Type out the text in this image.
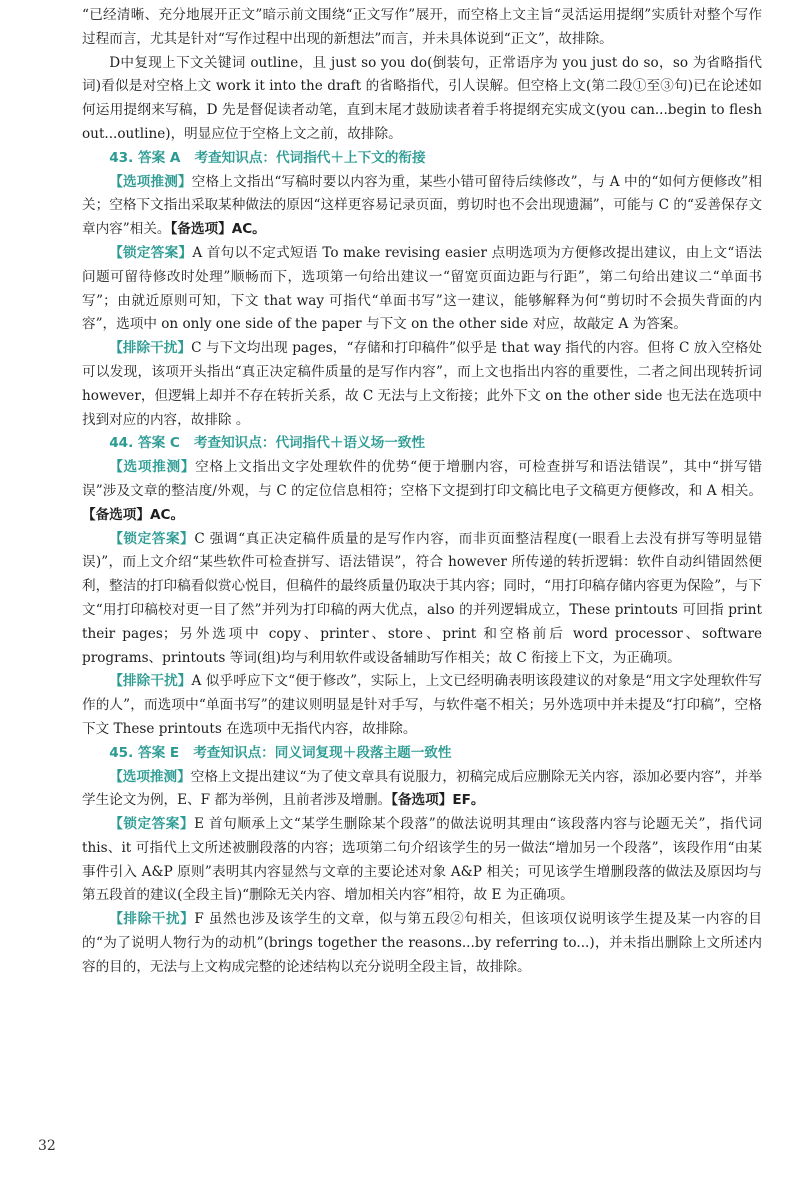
“已经清晰、充分地展开正文”暗示前文围绕“正文写作”展开，而空格上文主旨“灵活运用提纲”实质针对整个写作过程而言，尤其是针对“写作过程中出现的新想法”而言，并未具体说到“正文”，故排除。

D中复现上下文关键词 outline，且 just so you do(倒装句，正常语序为 you just do so，so 为省略指代词)看似是对空格上文 work it into the draft 的省略指代，引人误解。但空格上文(第二段①至③句)已在论述如何运用提纲来写稿，D 先是督促读者动笔，直到末尾才鼓励读者着手将提纲充实成文(you can...begin to flesh out...outline)，明显应位于空格上文之前，故排除。

43. 答案 A 考查知识点：代词指代＋上下文的衔接

【选项推测】空格上文指出“写稿时要以内容为重，某些小错可留待后续修改”，与 A 中的“如何方便修改”相关；空格下文指出采取某种做法的原因“这样更容易记录页面，剪切时也不会出现遗漏”，可能与 C 的“妥善保存文章内容”相关。【备选项】AC。

【锁定答案】A 首句以不定式短语 To make revising easier 点明选项为方便修改提出建议，由上文“语法问题可留待修改时处理”顺畅而下，选项第一句给出建议一“留宽页面边距与行距”，第二句给出建议二“单面书写”；由就近原则可知，下文 that way 可指代“单面书写”这一建议，能够解释为何“剪切时不会损失背面的内容”，选项中 on only one side of the paper 与下文 on the other side 对应，故敲定 A 为答案。

【排除干扰】C 与下文均出现 pages，“存储和打印稿件”似乎是 that way 指代的内容。但将 C 放入空格处可以发现，该项开头指出“真正决定稿件质量的是写作内容”，而上文也指出内容的重要性，二者之间出现转折词 however，但逻辑上却并不存在转折关系，故 C 无法与上文衔接；此外下文 on the other side 也无法在选项中找到对应的内容，故排除 。

44. 答案 C 考查知识点：代词指代＋语义场一致性

【选项推测】空格上文指出文字处理软件的优势“便于增删内容，可检查拼写和语法错误”，其中“拼写错误”涉及文章的整洁度/外观，与 C 的定位信息相符；空格下文提到打印文稿比电子文稿更方便修改，和 A 相关。【备选项】AC。

【锁定答案】C 强调“真正决定稿件质量的是写作内容，而非页面整洁程度(一眼看上去没有拼写等明显错误)”，而上文介绍“某些软件可检查拼写、语法错误”，符合 however 所传递的转折逻辑：软件自动纠错固然便利，整洁的打印稿看似赏心悦目，但稿件的最终质量仍取决于其内容；同时，“用打印稿存储内容更为保险”，与下文“用打印稿校对更一目了然”并列为打印稿的两大优点，also 的并列逻辑成立，These printouts 可回指 print their pages；另外选项中 copy、printer、store、print 和空格前后 word processor、software programs、printouts 等词(组)均与利用软件或设备辅助写作相关；故 C 衔接上下文，为正确项。

【排除干扰】A 似乎呼应下文“便于修改”，实际上，上文已经明确表明该段建议的对象是“用文字处理软件写作的人”，而选项中“单面书写”的建议则明显是针对手写，与软件毫不相关；另外选项中并未提及“打印稿”，空格下文 These printouts 在选项中无指代内容，故排除。

45. 答案 E 考查知识点：同义词复现＋段落主题一致性

【选项推测】空格上文提出建议“为了使文章具有说服力，初稿完成后应删除无关内容，添加必要内容”，并举学生论文为例，E、F 都为举例，且前者涉及增删。【备选项】EF。

【锁定答案】E 首句顺承上文“某学生删除某个段落”的做法说明其理由“该段落内容与论题无关”，指代词 this、it 可指代上文所述被删段落的内容；选项第二句介绍该学生的另一做法“增加另一个段落”，该段作用“由某事件引入 A&P 原则”表明其内容显然与文章的主要论述对象 A&P 相关；可见该学生增删段落的做法及原因均与第五段首的建议(全段主旨)“删除无关内容、增加相关内容”相符，故 E 为正确项。

【排除干扰】F 虽然也涉及该学生的文章，似与第五段②句相关，但该项仅说明该学生提及某一内容的目的“为了说明人物行为的动机”(brings together the reasons...by referring to...)，并未指出删除上文所述内容的目的，无法与上文构成完整的论述结构以充分说明全段主旨，故排除。

32
